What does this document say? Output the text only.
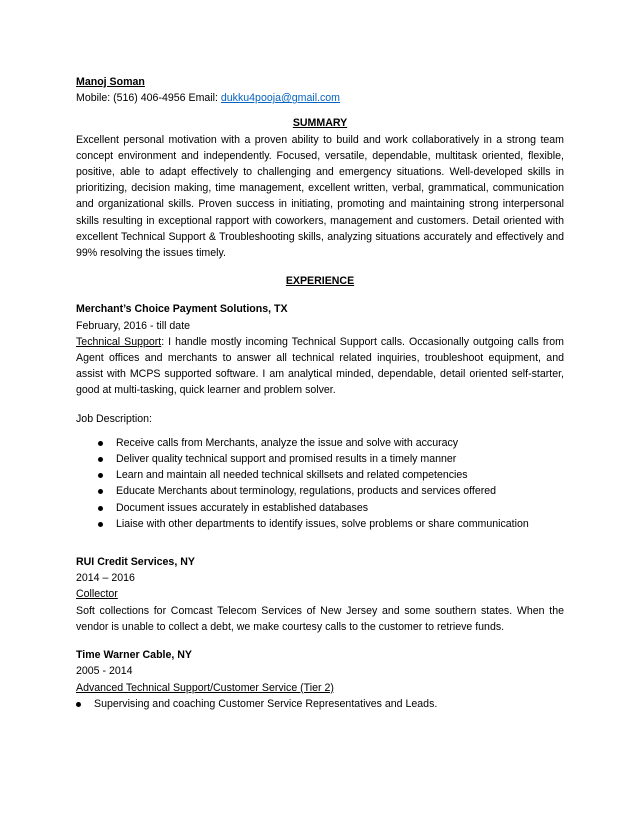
Manoj Soman

Mobile: (516) 406-4956 Email: dukku4pooja@gmail.com

SUMMARY

Excellent personal motivation with a proven ability to build and work collaboratively in a strong team concept environment and independently. Focused, versatile, dependable, multitask oriented, flexible, positive, able to adapt effectively to challenging and emergency situations. Well-developed skills in prioritizing, decision making, time management, excellent written, verbal, grammatical, communication and organizational skills. Proven success in initiating, promoting and maintaining strong interpersonal skills resulting in exceptional rapport with coworkers, management and customers. Detail oriented with excellent Technical Support & Troubleshooting skills, analyzing situations accurately and effectively and 99% resolving the issues timely.

EXPERIENCE

Merchant’s Choice Payment Solutions, TX

February, 2016 - till date

Technical Support: I handle mostly incoming Technical Support calls. Occasionally outgoing calls from Agent offices and merchants to answer all technical related inquiries, troubleshoot equipment, and assist with MCPS supported software. I am analytical minded, dependable, detail oriented self-starter, good at multi-tasking, quick learner and problem solver.

Job Description:

Receive calls from Merchants, analyze the issue and solve with accuracy
Deliver quality technical support and promised results in a timely manner
Learn and maintain all needed technical skillsets and related competencies
Educate Merchants about terminology, regulations, products and services offered
Document issues accurately in established databases
Liaise with other departments to identify issues, solve problems or share communication

RUI Credit Services, NY

2014 – 2016

Collector

Soft collections for Comcast Telecom Services of New Jersey and some southern states. When the vendor is unable to collect a debt, we make courtesy calls to the customer to retrieve funds.

Time Warner Cable, NY

2005 - 2014

Advanced Technical Support/Customer Service (Tier 2)

Supervising and coaching Customer Service Representatives and Leads.
